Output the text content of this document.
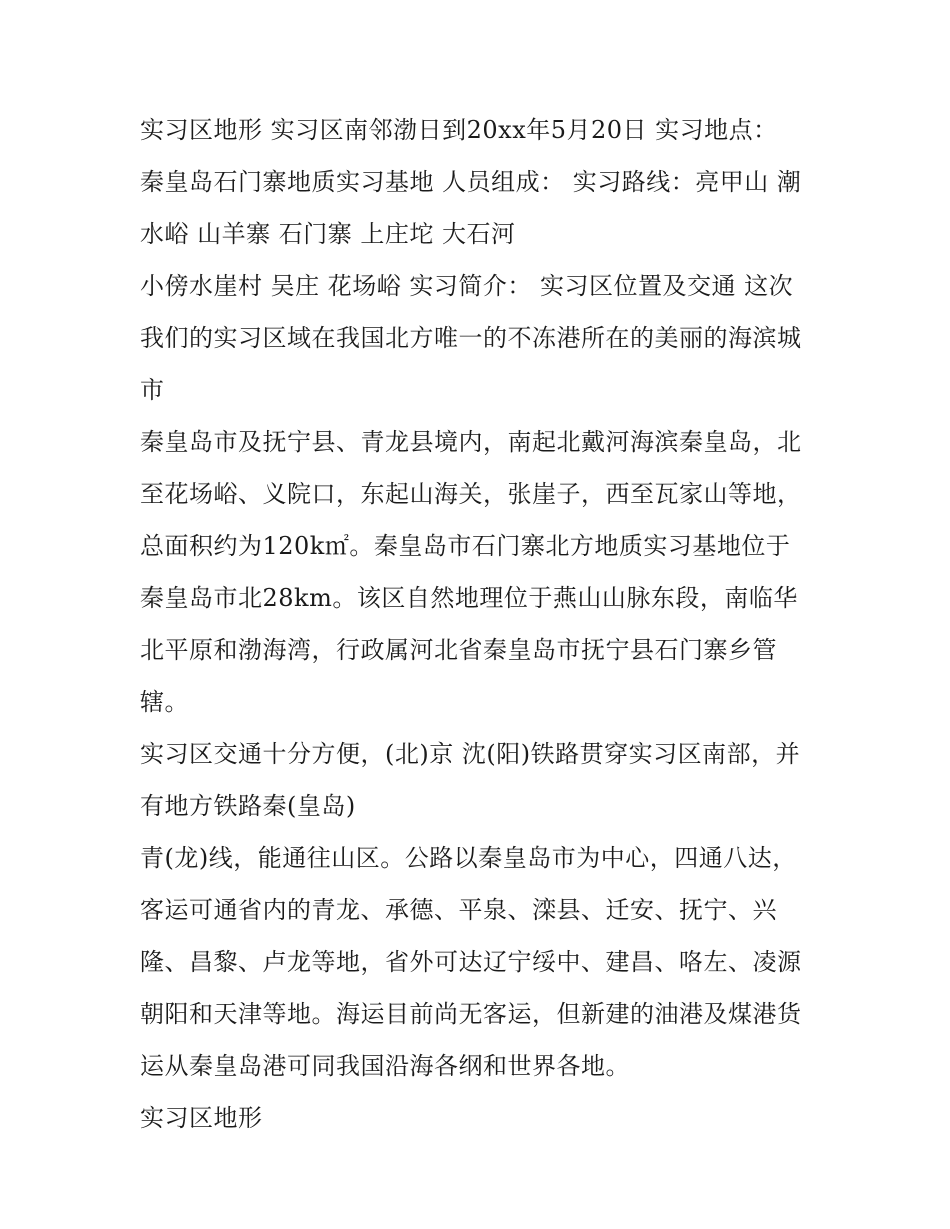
实习区地形 实习区南邻渤日到20xx年5月20日 实习地点：
秦皇岛石门寨地质实习基地 人员组成： 实习路线：亮甲山 潮
水峪 山羊寨 石门寨 上庄坨 大石河
小傍水崖村 吴庄 花场峪 实习简介： 实习区位置及交通 这次
我们的实习区域在我国北方唯一的不冻港所在的美丽的海滨城
市
秦皇岛市及抚宁县、青龙县境内，南起北戴河海滨秦皇岛，北
至花场峪、义院口，东起山海关，张崖子，西至瓦家山等地，
总面积约为120k㎡。秦皇岛市石门寨北方地质实习基地位于
秦皇岛市北28km。该区自然地理位于燕山山脉东段，南临华
北平原和渤海湾，行政属河北省秦皇岛市抚宁县石门寨乡管
辖。
实习区交通十分方便，(北)京 沈(阳)铁路贯穿实习区南部，并
有地方铁路秦(皇岛)
青(龙)线，能通往山区。公路以秦皇岛市为中心，四通八达，
客运可通省内的青龙、承德、平泉、滦县、迁安、抚宁、兴
隆、昌黎、卢龙等地，省外可达辽宁绥中、建昌、咯左、凌源
朝阳和天津等地。海运目前尚无客运，但新建的油港及煤港货
运从秦皇岛港可同我国沿海各纲和世界各地。
实习区地形
